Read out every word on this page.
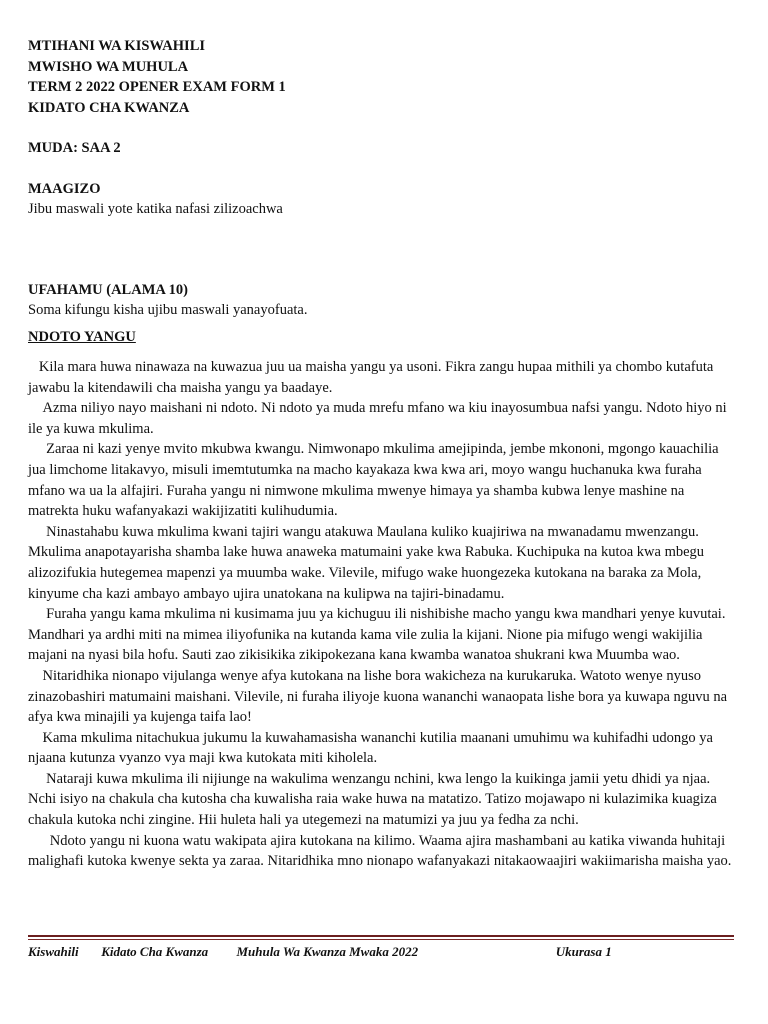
MTIHANI WA KISWAHILI

MWISHO WA MUHULA

TERM 2 2022 OPENER EXAM FORM 1

KIDATO CHA KWANZA

MUDA: SAA 2

MAAGIZO

Jibu maswali yote katika nafasi zilizoachwa

UFAHAMU (ALAMA 10)

Soma kifungu kisha ujibu maswali yanayofuata.

NDOTO YANGU

Kila mara huwa ninawaza na kuwazua juu ua maisha yangu ya usoni. Fikra zangu hupaa mithili ya chombo kutafuta jawabu la kitendawili cha maisha yangu ya baadaye.

Azma niliyo nayo maishani ni ndoto. Ni ndoto ya muda mrefu mfano wa kiu inayosumbua nafsi yangu. Ndoto hiyo ni ile ya kuwa mkulima.

Zaraa ni kazi yenye mvito mkubwa kwangu. Nimwonapo mkulima amejipinda, jembe mkononi, mgongo kauachilia jua limchome litakavyo, misuli imemtutumka na macho kayakaza kwa kwa ari, moyo wangu huchanuka kwa furaha mfano wa ua la alfajiri. Furaha yangu ni nimwone mkulima mwenye himaya ya shamba kubwa lenye mashine na matrekta huku wafanyakazi wakijizatiti kulihudumia.

Ninastahabu kuwa mkulima kwani tajiri wangu atakuwa Maulana kuliko kuajiriwa na mwanadamu mwenzangu. Mkulima anapotayarisha shamba lake huwa anaweka matumaini yake kwa Rabuka. Kuchipuka na kutoa kwa mbegu alizozifukia hutegemea mapenzi ya muumba wake. Vilevile, mifugo wake huongezeka kutokana na baraka za Mola, kinyume cha kazi ambayo ambayo ujira unatokana na kulipwa na tajiri-binadamu.

Furaha yangu kama mkulima ni kusimama juu ya kichuguu ili nishibishe macho yangu kwa mandhari yenye kuvutai. Mandhari ya ardhi miti na mimea iliyofunika na kutanda kama vile zulia la kijani. Nione pia mifugo wengi wakijilia majani na nyasi bila hofu. Sauti zao zikisikika zikipokezana kana kwamba wanatoa shukrani kwa Muumba wao.

Nitaridhika nionapo vijulanga wenye afya kutokana na lishe bora wakicheza na kurukaruka. Watoto wenye nyuso zinazobashiri matumaini maishani. Vilevile, ni furaha iliyoje kuona wananchi wanaopata lishe bora ya kuwapa nguvu na afya kwa minajili ya kujenga taifa lao!

Kama mkulima nitachukua jukumu la kuwahamasisha wananchi kutilia maanani umuhimu wa kuhifadhi udongo ya njaana kutunza vyanzo vya maji kwa kutokata miti kiholela.

Nataraji kuwa mkulima ili nijiunge na wakulima wenzangu nchini, kwa lengo la kuikinga jamii yetu dhidi ya njaa. Nchi isiyo na chakula cha kutosha cha kuwalisha raia wake huwa na matatizo. Tatizo mojawapo ni kulazimika kuagiza chakula kutoka nchi zingine. Hii huleta hali ya utegemezi na matumizi ya juu ya fedha za nchi.

Ndoto yangu ni kuona watu wakipata ajira kutokana na kilimo. Waama ajira mashambani au katika viwanda huhitaji malighafi kutoka kwenye sekta ya zaraa. Nitaridhika mno nionapo wafanyakazi nitakaowaajiri wakiimarisha maisha yao.

Kiswahili Kidato Cha Kwanza Muhula Wa Kwanza Mwaka 2022	Ukurasa 1
